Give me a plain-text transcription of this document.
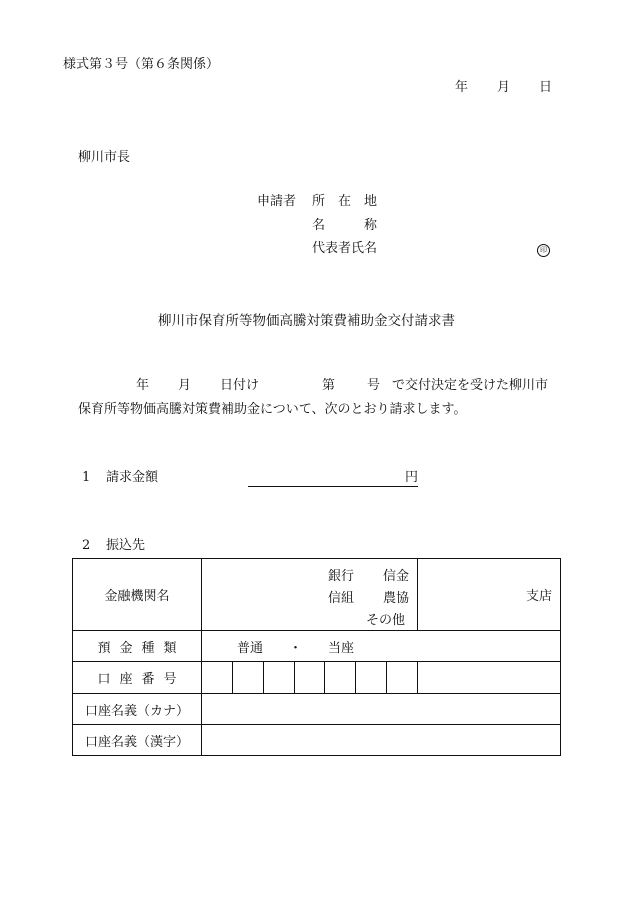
様式第３号（第６条関係）
年 月 日
柳川市長
申請者 所　在　地
名　　　称
代表者氏名	印
柳川市保育所等物価高騰対策費補助金交付請求書
年 月 日付け	第 号 で交付決定を受けた柳川市
保育所等物価高騰対策費補助金について、次のとおり請求します。
1 請求金額	円
2 振込先
金融機関名	銀行 信金
信組 農協
その他	支店
預金種類	普通　　・　　当座	
口座番号	

口座名義（カナ）		
口座名義（漢字）		
